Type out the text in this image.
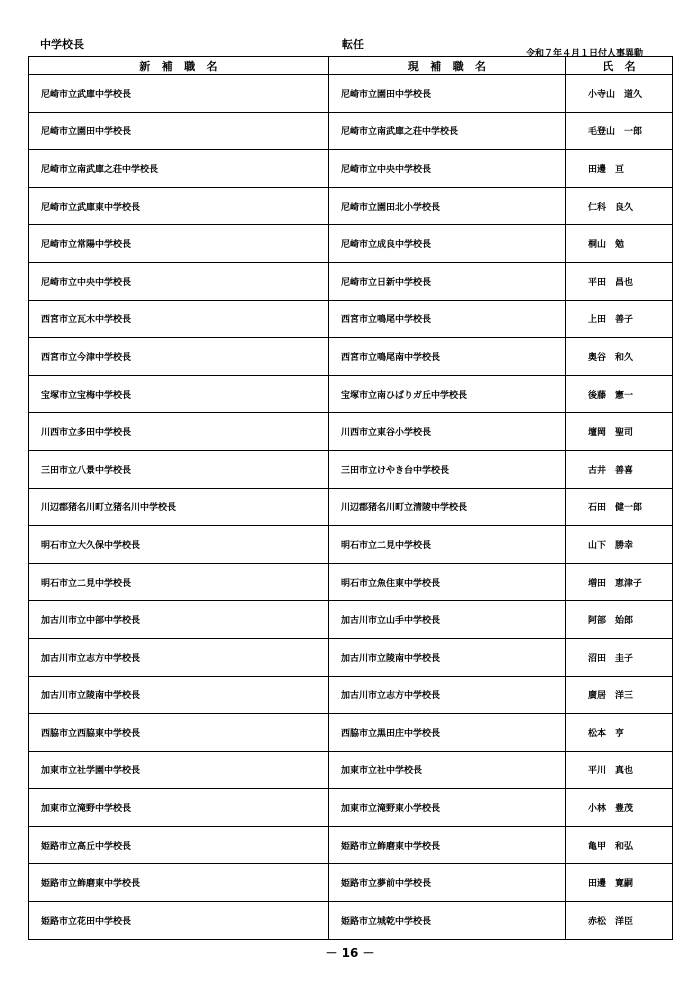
中学校長	転任
令和７年４月１日付人事異動
新　補　職　名	現　補　職　名	氏　名
尼崎市立武庫中学校長	尼崎市立園田中学校長	小寺山　道久
尼崎市立園田中学校長	尼崎市立南武庫之荘中学校長	毛登山　一郎
尼崎市立南武庫之荘中学校長	尼崎市立中央中学校長	田邊　亘
尼崎市立武庫東中学校長	尼崎市立園田北小学校長	仁科　良久
尼崎市立常陽中学校長	尼崎市立成良中学校長	桐山　勉
尼崎市立中央中学校長	尼崎市立日新中学校長	平田　昌也
西宮市立瓦木中学校長	西宮市立鳴尾中学校長	上田　善子
西宮市立今津中学校長	西宮市立鳴尾南中学校長	奥谷　和久
宝塚市立宝梅中学校長	宝塚市立南ひばりガ丘中学校長	後藤　憲一
川西市立多田中学校長	川西市立東谷小学校長	壇岡　聖司
三田市立八景中学校長	三田市立けやき台中学校長	古井　善喜
川辺郡猪名川町立猪名川中学校長	川辺郡猪名川町立清陵中学校長	石田　健一郎
明石市立大久保中学校長	明石市立二見中学校長	山下　勝幸
明石市立二見中学校長	明石市立魚住東中学校長	増田　恵津子
加古川市立中部中学校長	加古川市立山手中学校長	阿部　始郎
加古川市立志方中学校長	加古川市立陵南中学校長	沼田　圭子
加古川市立陵南中学校長	加古川市立志方中学校長	廣居　洋三
西脇市立西脇東中学校長	西脇市立黒田庄中学校長	松本　亨
加東市立社学園中学校長	加東市立社中学校長	平川　真也
加東市立滝野中学校長	加東市立滝野東小学校長	小林　豊茂
姫路市立高丘中学校長	姫路市立飾磨東中学校長	亀甲　和弘
姫路市立飾磨東中学校長	姫路市立夢前中学校長	田邊　寛嗣
姫路市立花田中学校長	姫路市立城乾中学校長	赤松　洋臣
－ 16 －
